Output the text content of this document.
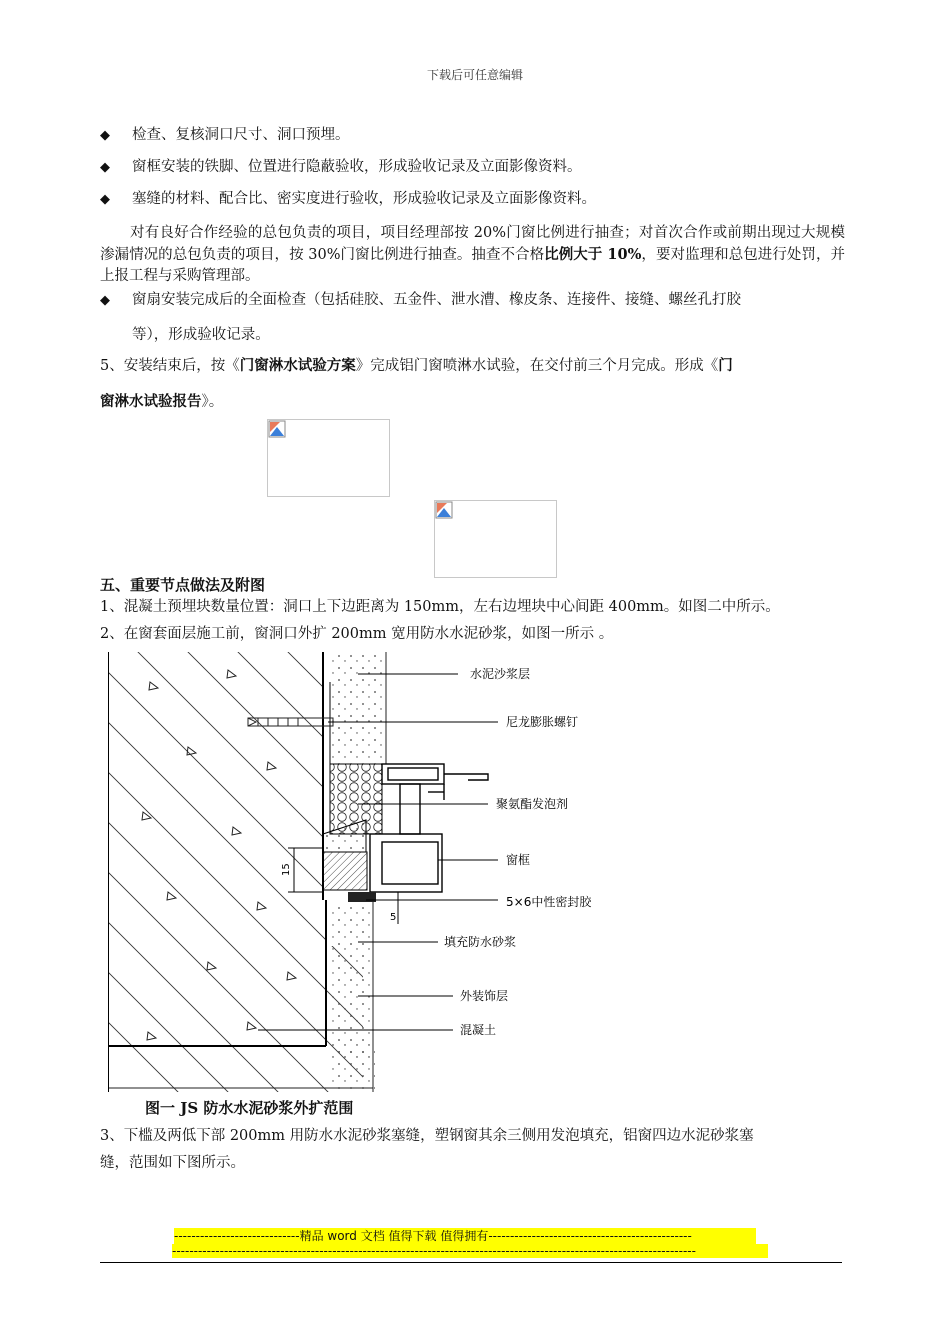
下载后可任意编辑
◆ 检查、复核洞口尺寸、洞口预埋。
◆ 窗框安装的铁脚、位置进行隐蔽验收，形成验收记录及立面影像资料。
◆ 塞缝的材料、配合比、密实度进行验收，形成验收记录及立面影像资料。
对有良好合作经验的总包负责的项目，项目经理部按 20%门窗比例进行抽查；对首次合作或前期出现过大规模渗漏情况的总包负责的项目，按 30%门窗比例进行抽查。抽查不合格比例大于 10%，要对监理和总包进行处罚，并上报工程与采购管理部。
◆ 窗扇安装完成后的全面检查（包括硅胶、五金件、泄水漕、橡皮条、连接件、接缝、螺丝孔打胶
等），形成验收记录。
5、安装结束后，按《门窗淋水试验方案》完成铝门窗喷淋水试验，在交付前三个月完成。形成《门
窗淋水试验报告》。
五、重要节点做法及附图
1、混凝土预埋块数量位置：洞口上下边距离为 150mm，左右边埋块中心间距 400mm。如图二中所示。
2、在窗套面层施工前，窗洞口外扩 200mm 宽用防水水泥砂浆，如图一所示 。
15
5
水泥沙浆层
尼龙膨胀螺钉
聚氨酯发泡剂
窗框
5×6中性密封胶
填充防水砂浆
外装饰层
混凝土
图一 JS 防水水泥砂浆外扩范围
3、下槛及两低下部 200mm 用防水水泥砂浆塞缝，塑钢窗其余三侧用发泡填充，铝窗四边水泥砂浆塞
缝，范围如下图所示。
-----------------------------精品 word 文档 值得下载 值得拥有-----------------------------------------------
-------------------------------------------------------------------------------------------------------------------------
